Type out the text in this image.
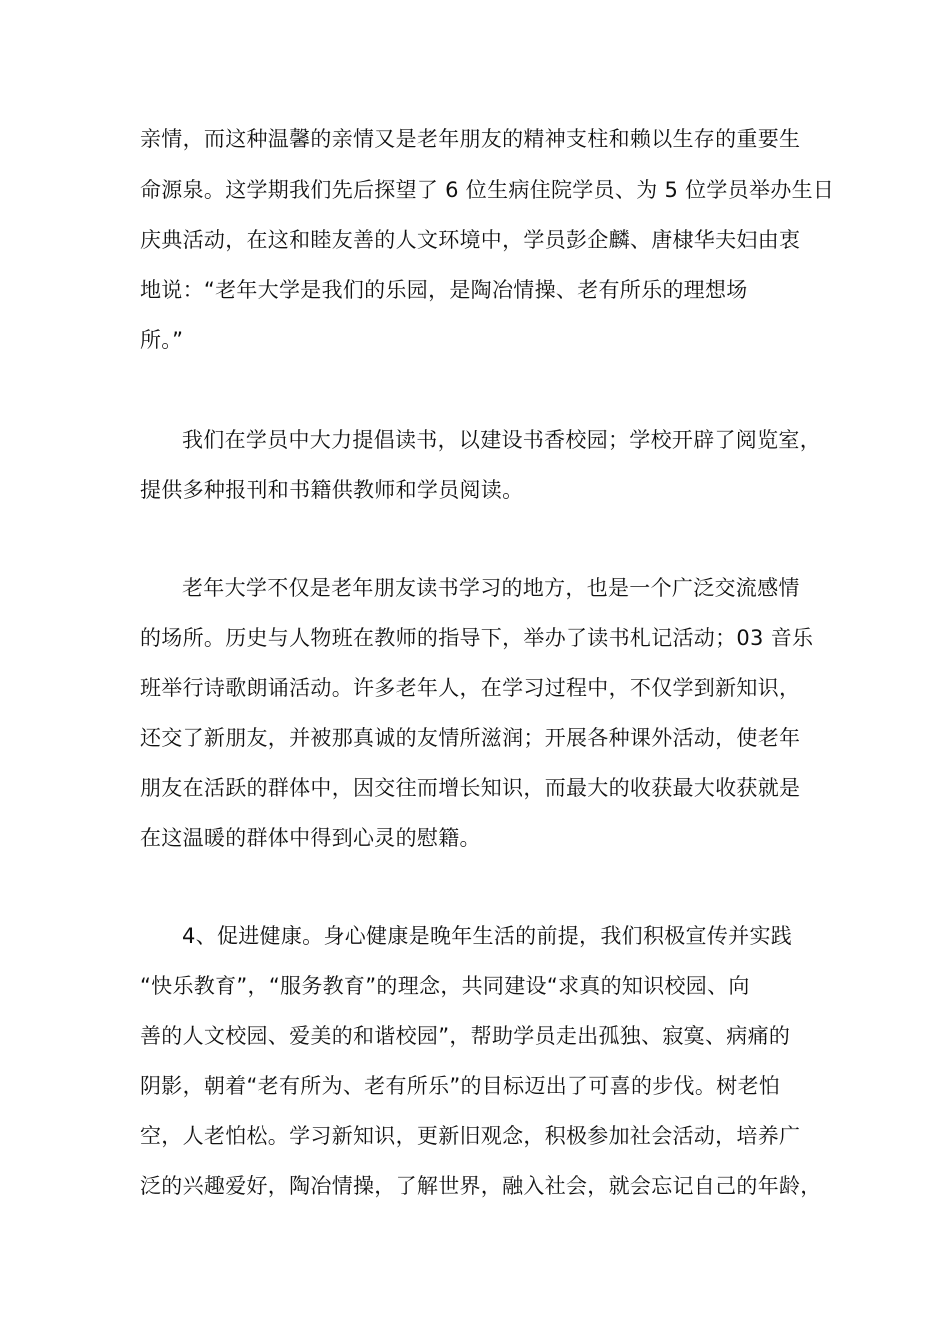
亲情，而这种温馨的亲情又是老年朋友的精神支柱和赖以生存的重要生
命源泉。这学期我们先后探望了 6 位生病住院学员、为 5 位学员举办生日
庆典活动，在这和睦友善的人文环境中，学员彭企麟、唐棣华夫妇由衷
地说：“老年大学是我们的乐园，是陶冶情操、老有所乐的理想场
所。”
我们在学员中大力提倡读书，以建设书香校园；学校开辟了阅览室，
提供多种报刊和书籍供教师和学员阅读。
老年大学不仅是老年朋友读书学习的地方，也是一个广泛交流感情
的场所。历史与人物班在教师的指导下，举办了读书札记活动；03 音乐
班举行诗歌朗诵活动。许多老年人，在学习过程中，不仅学到新知识，
还交了新朋友，并被那真诚的友情所滋润；开展各种课外活动，使老年
朋友在活跃的群体中，因交往而增长知识，而最大的收获最大收获就是
在这温暖的群体中得到心灵的慰籍。
4、促进健康。身心健康是晚年生活的前提，我们积极宣传并实践
“快乐教育”，“服务教育”的理念，共同建设“求真的知识校园、向
善的人文校园、爱美的和谐校园”，帮助学员走出孤独、寂寞、病痛的
阴影，朝着“老有所为、老有所乐”的目标迈出了可喜的步伐。树老怕
空，人老怕松。学习新知识，更新旧观念，积极参加社会活动，培养广
泛的兴趣爱好，陶冶情操，了解世界，融入社会，就会忘记自己的年龄，
